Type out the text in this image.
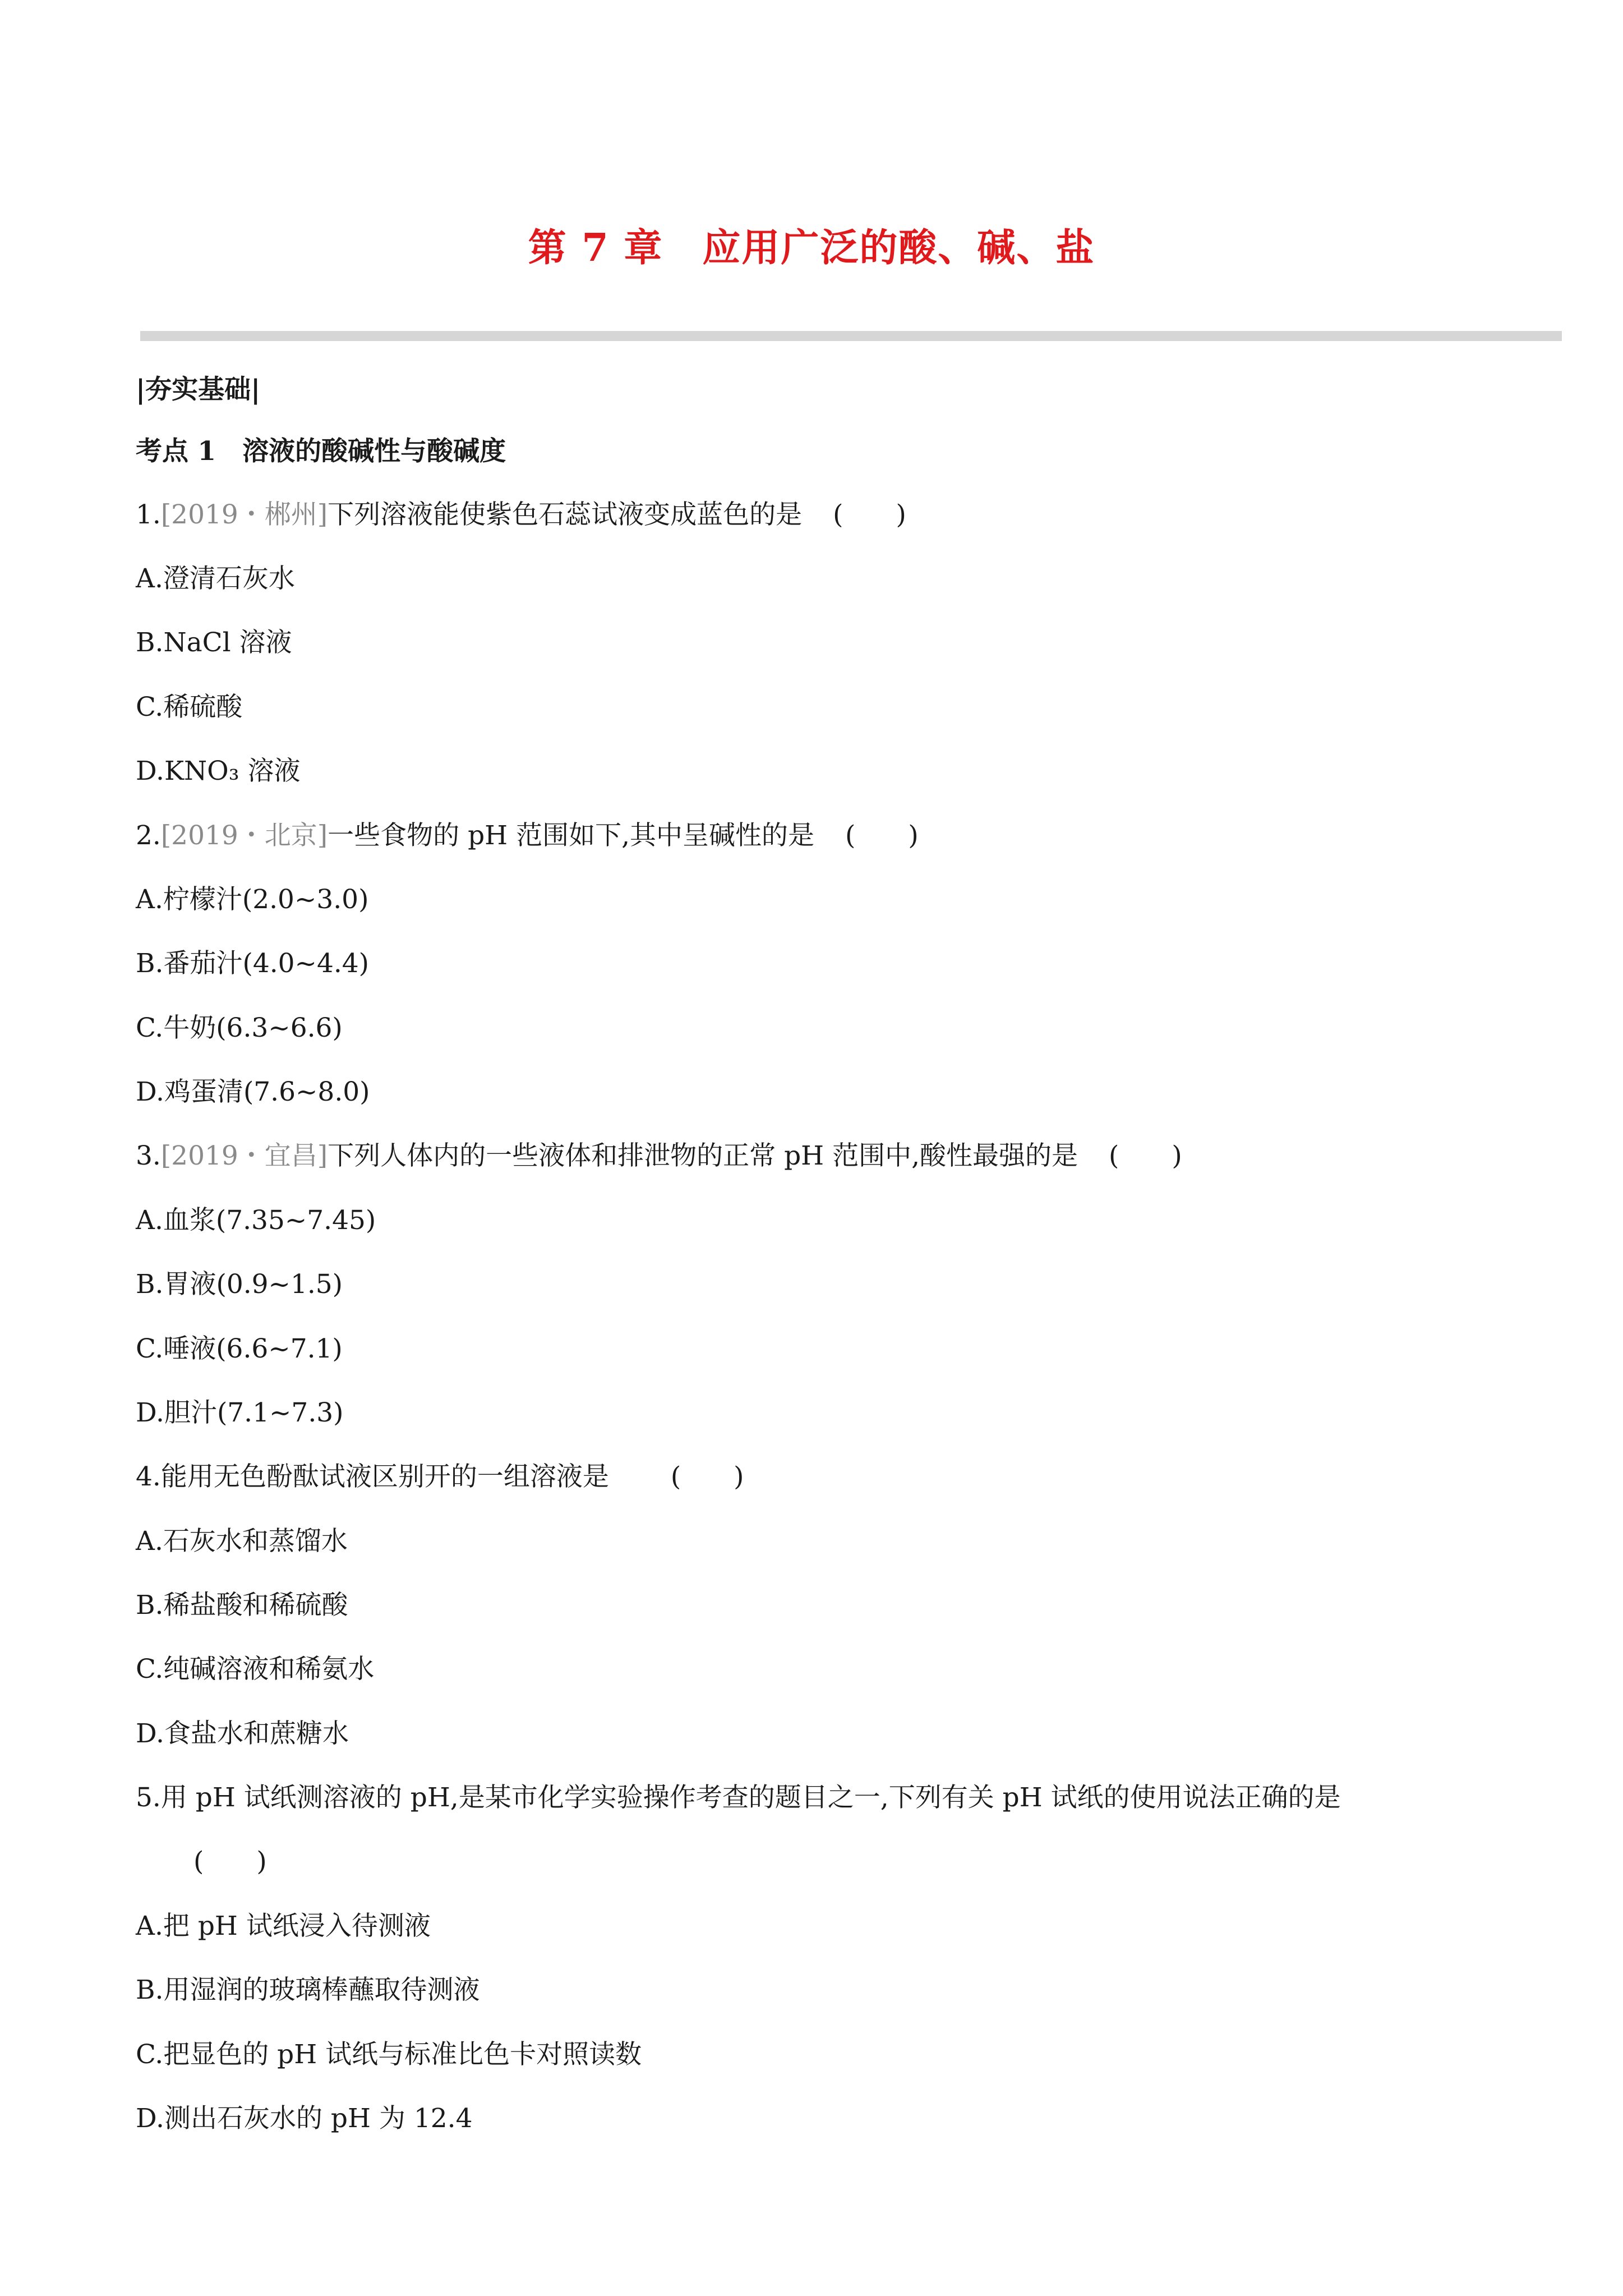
第 7 章　应用广泛的酸、碱、盐
|夯实基础|
考点 1　溶液的酸碱性与酸碱度
1.[2019・郴州]下列溶液能使紫色石蕊试液变成蓝色的是 (　　)
A.澄清石灰水
B.NaCl 溶液
C.稀硫酸
D.KNO₃ 溶液
2.[2019・北京]一些食物的 pH 范围如下,其中呈碱性的是 (　　)
A.柠檬汁(2.0~3.0)
B.番茄汁(4.0~4.4)
C.牛奶(6.3~6.6)
D.鸡蛋清(7.6~8.0)
3.[2019・宜昌]下列人体内的一些液体和排泄物的正常 pH 范围中,酸性最强的是 (　　)
A.血浆(7.35~7.45)
B.胃液(0.9~1.5)
C.唾液(6.6~7.1)
D.胆汁(7.1~7.3)
4.能用无色酚酞试液区别开的一组溶液是 (　　)
A.石灰水和蒸馏水
B.稀盐酸和稀硫酸
C.纯碱溶液和稀氨水
D.食盐水和蔗糖水
5.用 pH 试纸测溶液的 pH,是某市化学实验操作考查的题目之一,下列有关 pH 试纸的使用说法正确的是
(　　)
A.把 pH 试纸浸入待测液
B.用湿润的玻璃棒蘸取待测液
C.把显色的 pH 试纸与标准比色卡对照读数
D.测出石灰水的 pH 为 12.4
